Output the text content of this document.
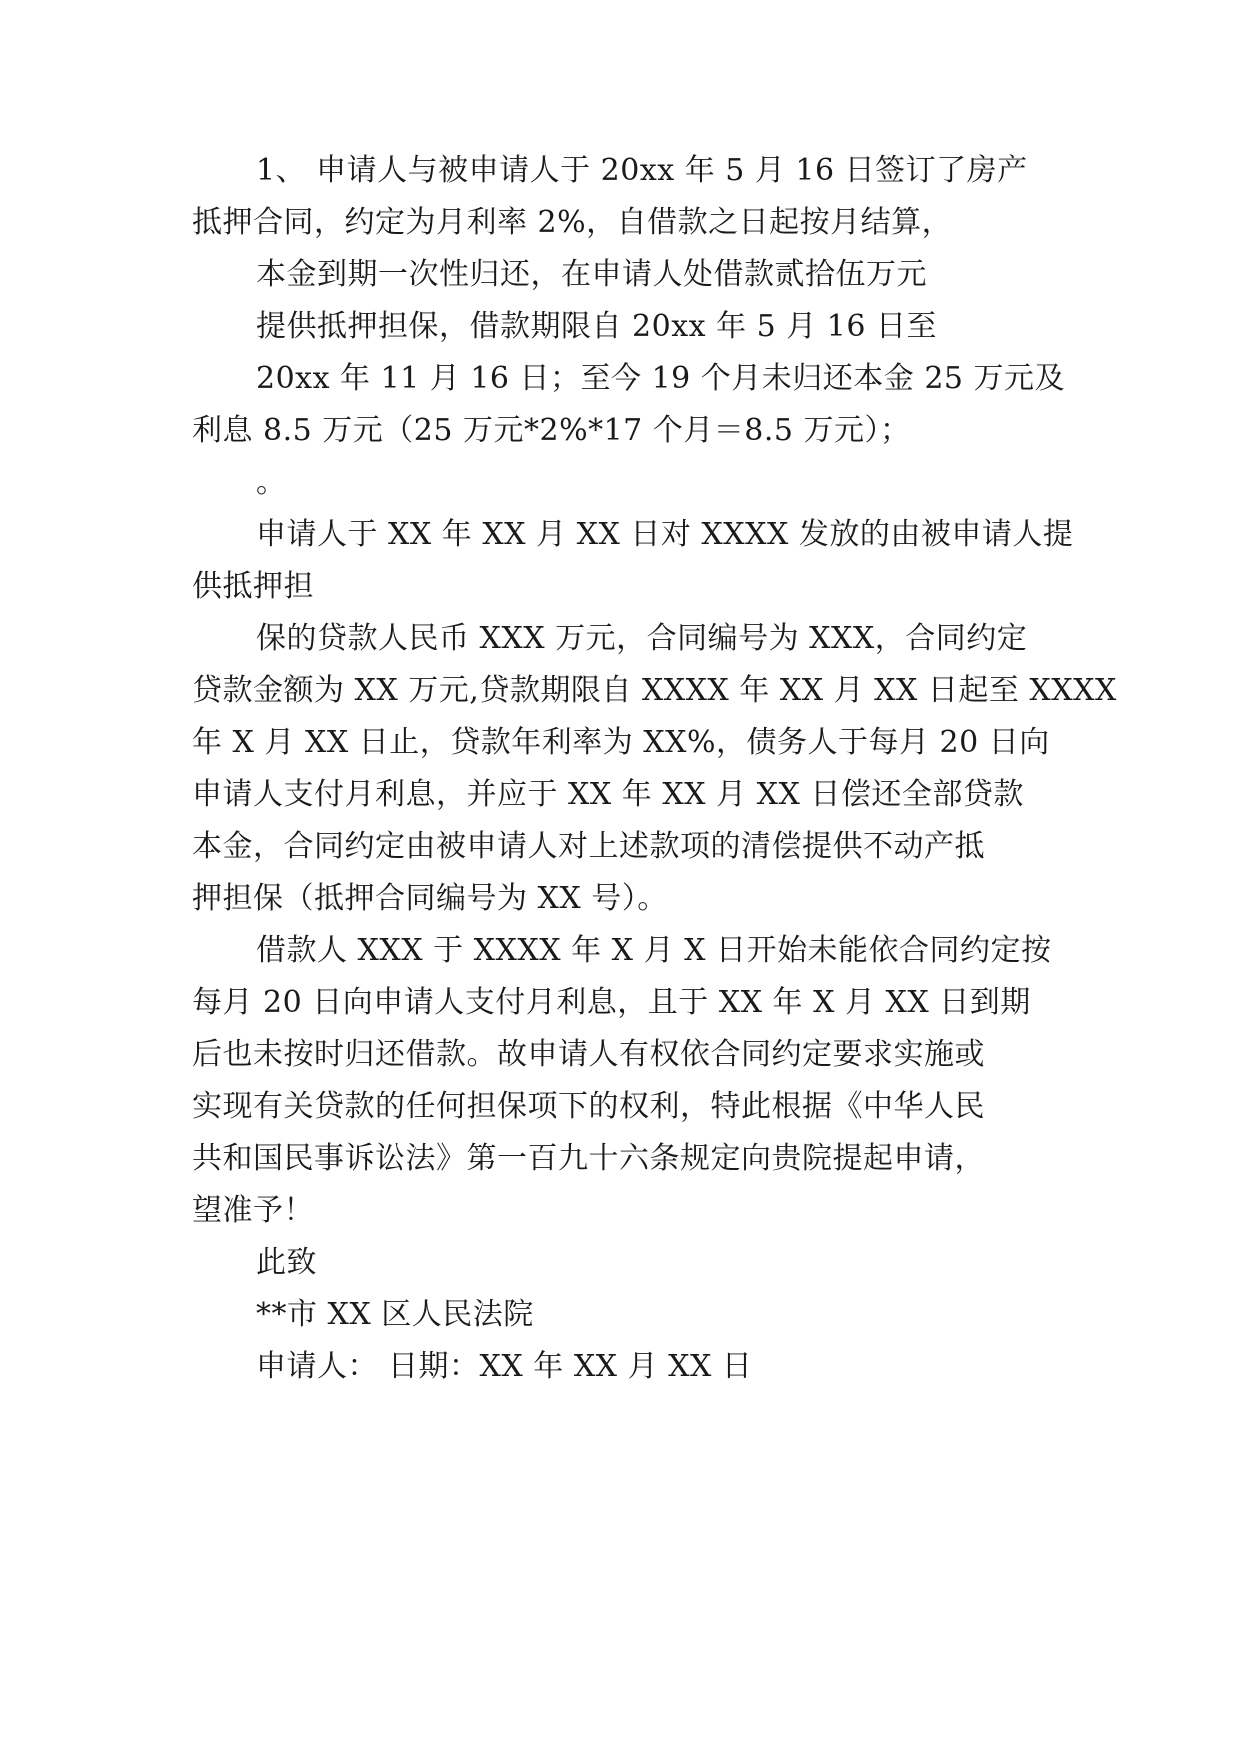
1、 申请人与被申请人于 20xx 年 5 月 16 日签订了房产
抵押合同，约定为月利率 2%，自借款之日起按月结算，
本金到期一次性归还，在申请人处借款贰拾伍万元
提供抵押担保，借款期限自 20xx 年 5 月 16 日至
20xx 年 11 月 16 日；至今 19 个月未归还本金 25 万元及
利息 8.5 万元（25 万元*2%*17 个月＝8.5 万元）；
。
申请人于 XX 年 XX 月 XX 日对 XXXX 发放的由被申请人提
供抵押担
保的贷款人民币 XXX 万元，合同编号为 XXX，合同约定
贷款金额为 XX 万元,贷款期限自 XXXX 年 XX 月 XX 日起至 XXXX
年 X 月 XX 日止，贷款年利率为 XX%，债务人于每月 20 日向
申请人支付月利息，并应于 XX 年 XX 月 XX 日偿还全部贷款
本金，合同约定由被申请人对上述款项的清偿提供不动产抵
押担保（抵押合同编号为 XX 号）。
借款人 XXX 于 XXXX 年 X 月 X 日开始未能依合同约定按
每月 20 日向申请人支付月利息，且于 XX 年 X 月 XX 日到期
后也未按时归还借款。故申请人有权依合同约定要求实施或
实现有关贷款的任何担保项下的权利，特此根据《中华人民
共和国民事诉讼法》第一百九十六条规定向贵院提起申请，
望准予！
此致
**市 XX 区人民法院
申请人： 日期：XX 年 XX 月 XX 日
